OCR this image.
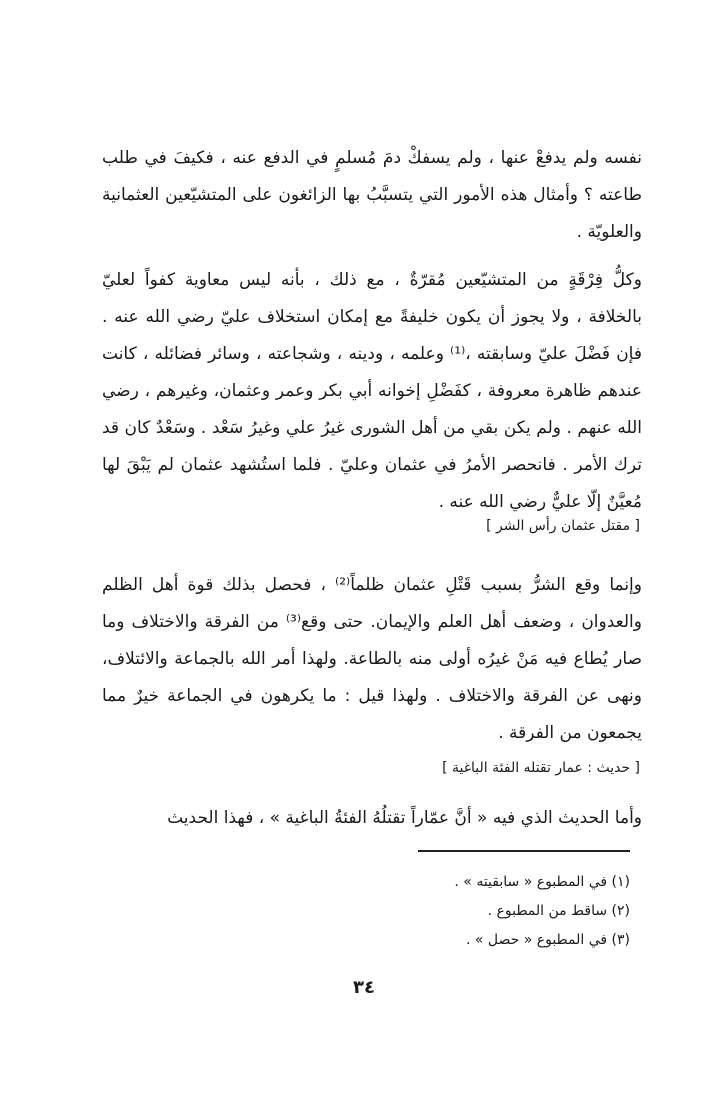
نفسه ولم يدفعْ عنها ، ولم يسفكْ دمَ مُسلمٍ في الدفع عنه ، فكيفَ في طلب طاعته ؟ وأمثال هذه الأمور التي يتسبَّبُ بها الزائغون على المتشيّعين العثمانية والعلويّة .

وكلُّ فِرْقَةٍ من المتشيّعين مُقرّةٌ ، مع ذلك ، بأنه ليس معاوية كفواً لعليّ بالخلافة ، ولا يجوز أن يكون خليفةً مع إمكان استخلاف عليّ رضي الله عنه . فإن فَضْلَ عليّ وسابقته ،⁽¹⁾ وعلمه ، ودينه ، وشجاعته ، وسائر فضائله ، كانت عندهم ظاهرة معروفة ، كفَضْلِ إخوانه أبي بكر وعمر وعثمان، وغيرهم ، رضي الله عنهم . ولم يكن بقي من أهل الشورى غيرُ علي وغيرُ سَعْد . وسَعْدٌ كان قد ترك الأمر . فانحصر الأمرُ في عثمان وعليّ . فلما استُشهد عثمان لم يَبْقَ لها مُعيَّنٌ إلّا عليٌّ رضي الله عنه .

[ مقتل عثمان رأس الشر ]

وإنما وقع الشرُّ بسبب قَتْلِ عثمان ظلماً⁽²⁾ ، فحصل بذلك قوة أهل الظلم والعدوان ، وضعف أهل العلم والإيمان. حتى وقع⁽³⁾ من الفرقة والاختلاف وما صار يُطاع فيه مَنْ غيرُه أولى منه بالطاعة. ولهذا أمر الله بالجماعة والائتلاف، ونهى عن الفرقة والاختلاف . ولهذا قيل : ما يكرهون في الجماعة خيرٌ مما يجمعون من الفرقة .

[ حديث : عمار تقتله الفئة الباغية ]

وأما الحديث الذي فيه « أنَّ عمّاراً تقتلُهُ الفئةُ الباغية » ، فهذا الحديث

(١) في المطبوع « سابقيته » .
(٢) ساقط من المطبوع .
(٣) في المطبوع « حصل » .
٣٤
